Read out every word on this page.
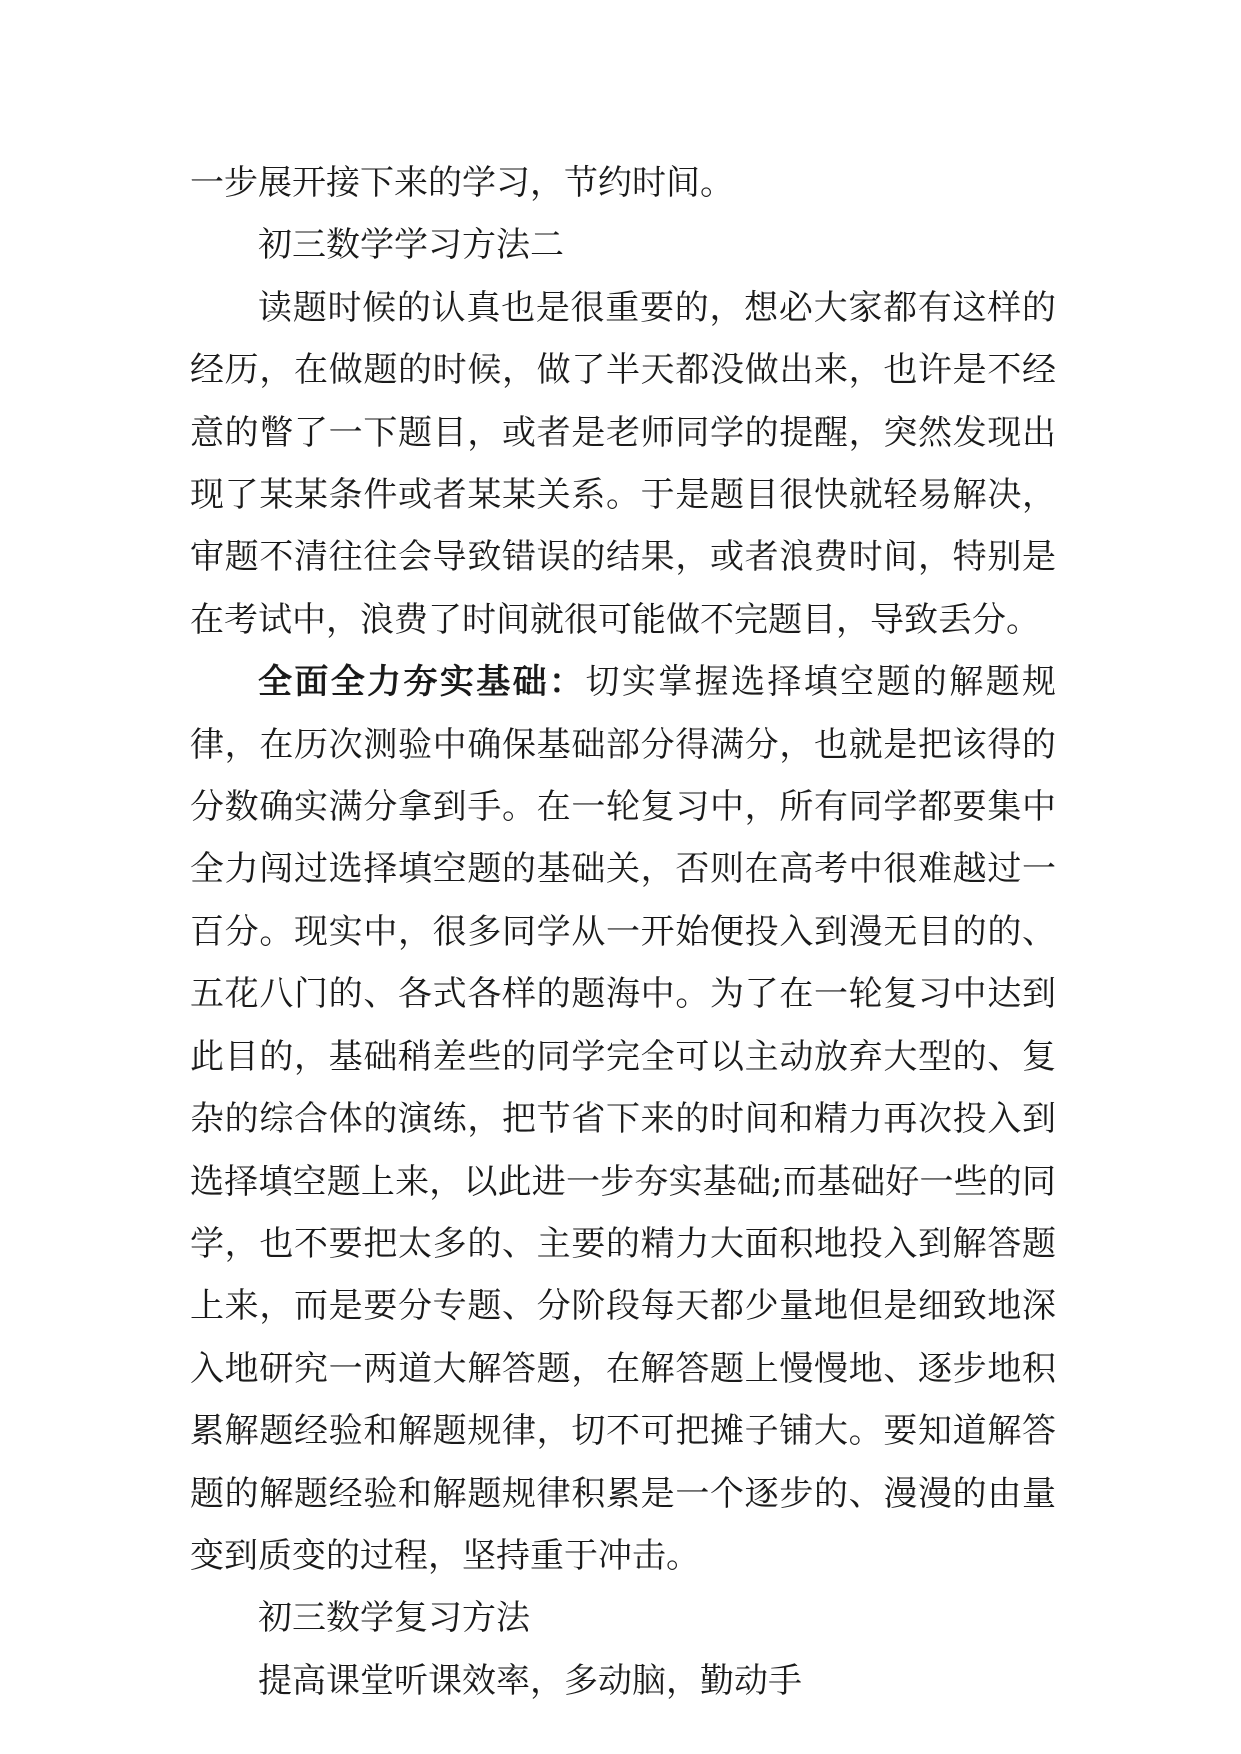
一步展开接下来的学习，节约时间。

初三数学学习方法二

读题时候的认真也是很重要的，想必大家都有这样的经历，在做题的时候，做了半天都没做出来，也许是不经意的瞥了一下题目，或者是老师同学的提醒，突然发现出现了某某条件或者某某关系。于是题目很快就轻易解决，审题不清往往会导致错误的结果，或者浪费时间，特别是在考试中，浪费了时间就很可能做不完题目，导致丢分。

全面全力夯实基础：切实掌握选择填空题的解题规律，在历次测验中确保基础部分得满分，也就是把该得的分数确实满分拿到手。在一轮复习中，所有同学都要集中全力闯过选择填空题的基础关，否则在高考中很难越过一百分。现实中，很多同学从一开始便投入到漫无目的的、五花八门的、各式各样的题海中。为了在一轮复习中达到此目的，基础稍差些的同学完全可以主动放弃大型的、复杂的综合体的演练，把节省下来的时间和精力再次投入到选择填空题上来，以此进一步夯实基础;而基础好一些的同学，也不要把太多的、主要的精力大面积地投入到解答题上来，而是要分专题、分阶段每天都少量地但是细致地深入地研究一两道大解答题，在解答题上慢慢地、逐步地积累解题经验和解题规律，切不可把摊子铺大。要知道解答题的解题经验和解题规律积累是一个逐步的、漫漫的由量变到质变的过程，坚持重于冲击。

初三数学复习方法

提高课堂听课效率，多动脑，勤动手
